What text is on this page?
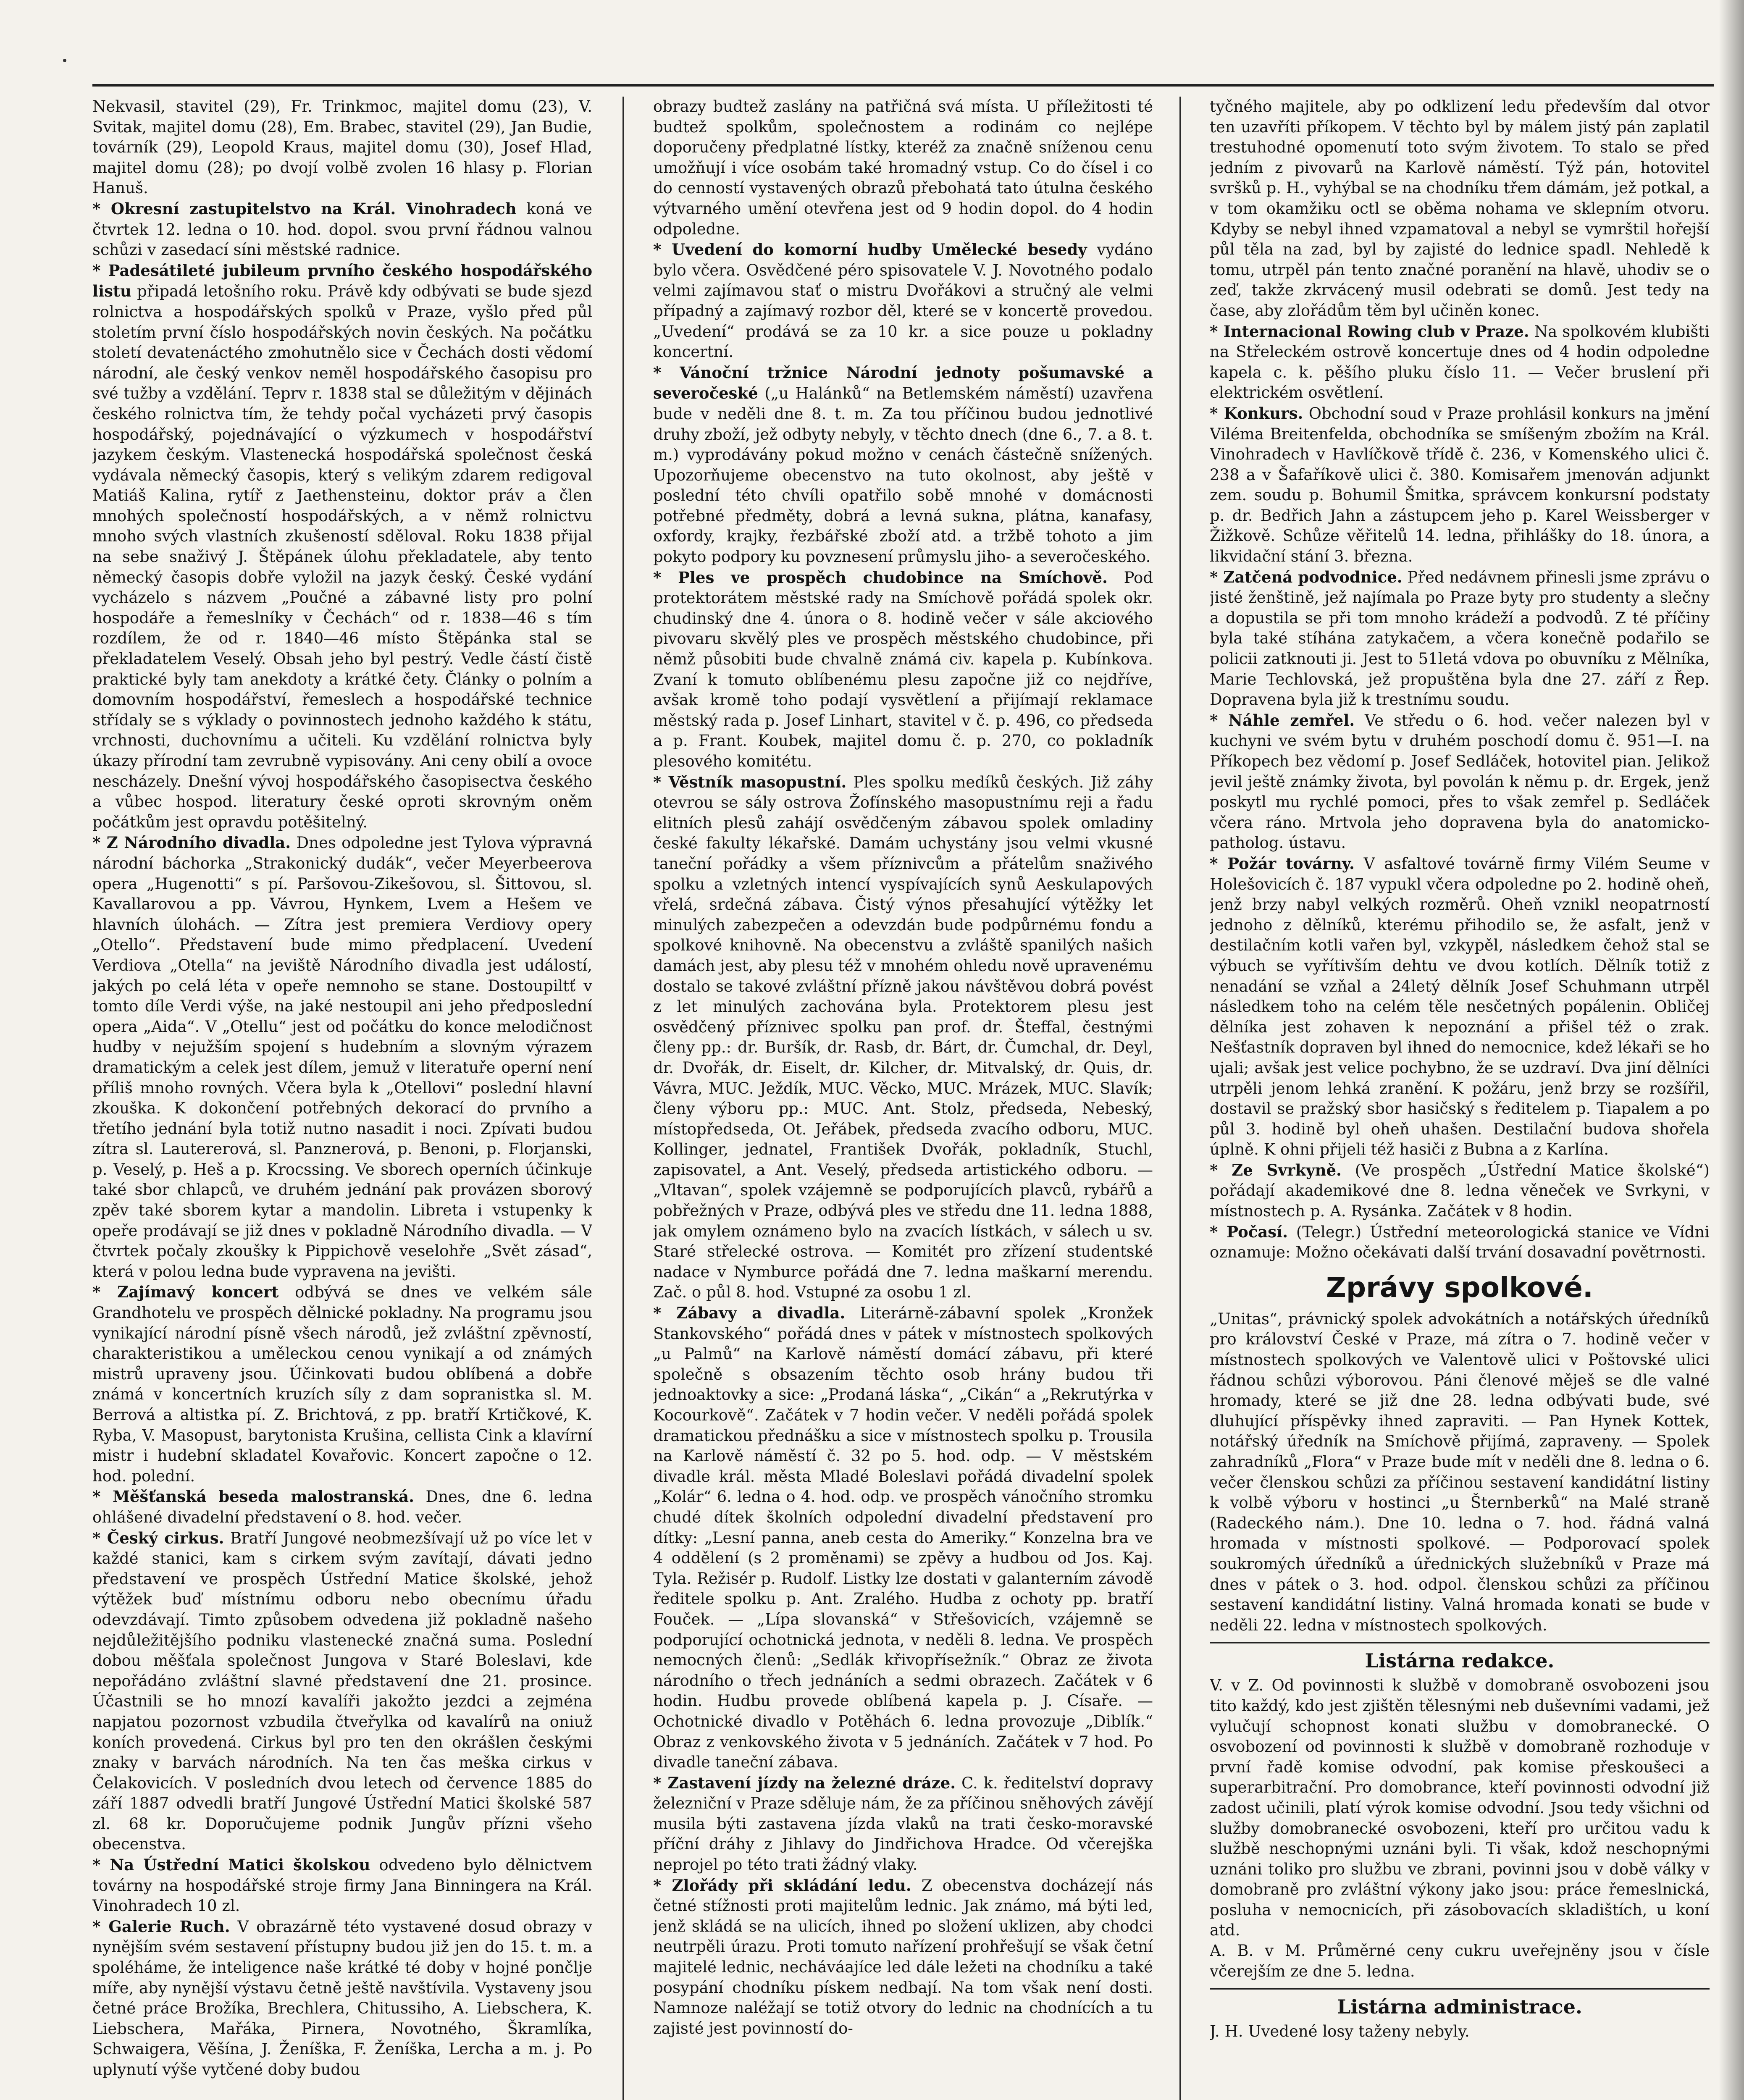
Nekvasil, stavitel (29), Fr. Trinkmoc, majitel domu (23), V. Svitak, majitel domu (28), Em. Brabec, stavitel (29), Jan Budie, továrník (29), Leopold Kraus, majitel domu (30), Josef Hlad, majitel domu (28); po dvojí volbě zvolen 16 hlasy p. Florian Hanuš.

* Okresní zastupitelstvo na Král. Vinohradech koná ve čtvrtek 12. ledna o 10. hod. dopol. svou první řádnou valnou schůzi v zasedací síni městské radnice.

* Padesátileté jubileum prvního českého hospodářského listu připadá letošního roku. Právě kdy odbývati se bude sjezd rolnictva a hospodářských spolků v Praze, vyšlo před půl stoletím první číslo hospodářských novin českých. Na počátku století devatenáctého zmohutnělo sice v Čechách dosti vědomí národní, ale český venkov neměl hospodářského časopisu pro své tužby a vzdělání. Teprv r. 1838 stal se důležitým v dějinách českého rolnictva tím, že tehdy počal vycházeti prvý časopis hospodářský, pojednávající o výzkumech v hospodářství jazykem českým. Vlastenecká hospodářská společnost česká vydávala německý časopis, který s velikým zdarem redigoval Matiáš Kalina, rytíř z Jaethensteinu, doktor práv a člen mnohých společností hospodářských, a v němž rolnictvu mnoho svých vlastních zkušeností sděloval. Roku 1838 přijal na sebe snaživý J. Štěpánek úlohu překladatele, aby tento německý časopis dobře vyložil na jazyk český. České vydání vycházelo s názvem „Poučné a zábavné listy pro polní hospodáře a řemeslníky v Čechách“ od r. 1838—46 s tím rozdílem, že od r. 1840—46 místo Štěpánka stal se překladatelem Veselý. Obsah jeho byl pestrý. Vedle částí čistě praktické byly tam anekdoty a krátké čety. Články o polním a domovním hospodářství, řemeslech a hospodářské technice střídaly se s výklady o povinnostech jednoho každého k státu, vrchnosti, duchovnímu a učiteli. Ku vzdělání rolnictva byly úkazy přírodní tam zevrubně vypisovány. Ani ceny obilí a ovoce nescházely. Dnešní vývoj hospodářského časopisectva českého a vůbec hospod. literatury české oproti skrovným oněm počátkům jest opravdu potěšitelný.

* Z Národního divadla. Dnes odpoledne jest Tylova výpravná národní báchorka „Strakonický dudák“, večer Meyerbeerova opera „Hugenotti“ s pí. Paršovou-Zikešovou, sl. Šittovou, sl. Kavallarovou a pp. Vávrou, Hynkem, Lvem a Hešem ve hlavních úlohách. — Zítra jest premiera Verdiovy opery „Otello“. Představení bude mimo předplacení. Uvedení Verdiova „Otella“ na jeviště Národního divadla jest událostí, jakých po celá léta v opeře nemnoho se stane. Dostoupiltť v tomto díle Verdi výše, na jaké nestoupil ani jeho předposlední opera „Aida“. V „Otellu“ jest od počátku do konce melodičnost hudby v nejužším spojení s hudebním a slovným výrazem dramatickým a celek jest dílem, jemuž v literatuře operní není příliš mnoho rovných. Včera byla k „Otellovi“ poslední hlavní zkouška. K dokončení potřebných dekorací do prvního a třetího jednání byla totiž nutno nasadit i noci. Zpívati budou zítra sl. Lautererová, sl. Panznerová, p. Benoni, p. Florjanski, p. Veselý, p. Heš a p. Krocssing. Ve sborech operních účinkuje také sbor chlapců, ve druhém jednání pak provázen sborový zpěv také sborem kytar a mandolin. Libreta i vstupenky k opeře prodávají se již dnes v pokladně Národního divadla. — V čtvrtek počaly zkoušky k Pippichově veselohře „Svět zásad“, která v polou ledna bude vypravena na jevišti.

* Zajímavý koncert odbývá se dnes ve velkém sále Grandhotelu ve prospěch dělnické pokladny. Na programu jsou vynikající národní písně všech národů, jež zvláštní zpěvností, charakteristikou a uměleckou cenou vynikají a od známých mistrů upraveny jsou. Účinkovati budou oblíbená a dobře známá v koncertních kruzích síly z dam sopranistka sl. M. Berrová a altistka pí. Z. Brichtová, z pp. bratří Krtičkové, K. Ryba, V. Masopust, barytonista Krušina, cellista Cink a klavírní mistr i hudební skladatel Kovařovic. Koncert započne o 12. hod. polední.

* Měšťanská beseda malostranská. Dnes, dne 6. ledna ohlášené divadelní představení o 8. hod. večer.

* Český cirkus. Bratří Jungové neobmezšívají už po více let v každé stanici, kam s cirkem svým zavítají, dávati jedno představení ve prospěch Ústřední Matice školské, jehož výtěžek buď místnímu odboru nebo obecnímu úřadu odevzdávají. Timto způsobem odvedena již pokladně našeho nejdůležitějšího podniku vlastenecké značná suma. Poslední dobou měšťala společnost Jungova v Staré Boleslavi, kde nepořádáno zvláštní slavné představení dne 21. prosince. Účastnili se ho mnozí kavalíři jakožto jezdci a zejména napjatou pozornost vzbudila čtveřylka od kavalírů na oniuž koních provedená. Cirkus byl pro ten den okrášlen českými znaky v barvách národních. Na ten čas meška cirkus v Čelakovicích. V posledních dvou letech od července 1885 do září 1887 odvedli bratří Jungové Ústřední Matici školské 587 zl. 68 kr. Doporučujeme podnik Jungův přízni všeho obecenstva.

* Na Ústřední Matici školskou odvedeno bylo dělnictvem továrny na hospodářské stroje firmy Jana Binningera na Král. Vinohradech 10 zl.

* Galerie Ruch. V obrazárně této vystavené dosud obrazy v nynějším svém sestavení přístupny budou již jen do 15. t. m. a spoléháme, že inteligence naše krátké té doby v hojné pončlje míře, aby nynější výstavu četně ještě navštívila. Vystaveny jsou četné práce Brožíka, Brechlera, Chitussiho, A. Liebschera, K. Liebschera, Mařáka, Pirnera, Novotného, Škramlíka, Schwaigera, Věšína, J. Ženíška, F. Ženíška, Lercha a m. j. Po uplynutí výše vytčené doby budou

obrazy budtež zaslány na patřičná svá místa. U příležitosti té budtež spolkům, společnostem a rodinám co nejlépe doporučeny předplatné lístky, kteréž za značně sníženou cenu umožňují i více osobám také hromadný vstup. Co do čísel i co do cenností vystavených obrazů přebohatá tato útulna českého výtvarného umění otevřena jest od 9 hodin dopol. do 4 hodin odpoledne.

* Uvedení do komorní hudby Umělecké besedy vydáno bylo včera. Osvědčené péro spisovatele V. J. Novotného podalo velmi zajímavou stať o mistru Dvořákovi a stručný ale velmi případný a zajímavý rozbor děl, které se v koncertě provedou. „Uvedení“ prodává se za 10 kr. a sice pouze u pokladny koncertní.

* Vánoční tržnice Národní jednoty pošumavské a severočeské („u Halánků“ na Betlemském náměstí) uzavřena bude v neděli dne 8. t. m. Za tou příčinou budou jednotlivé druhy zboží, jež odbyty nebyly, v těchto dnech (dne 6., 7. a 8. t. m.) vyprodávány pokud možno v cenách částečně snížených. Upozorňujeme obecenstvo na tuto okolnost, aby ještě v poslední této chvíli opatřilo sobě mnohé v domácnosti potřebné předměty, dobrá a levná sukna, plátna, kanafasy, oxfordy, krajky, řezbářské zboží atd. a tržbě tohoto a jim pokyto podpory ku povznesení průmyslu jiho- a severočeského.

* Ples ve prospěch chudobince na Smíchově. Pod protektorátem městské rady na Smíchově pořádá spolek okr. chudinský dne 4. února o 8. hodině večer v sále akciového pivovaru skvělý ples ve prospěch městského chudobince, při němž působiti bude chvalně známá civ. kapela p. Kubínkova. Zvaní k tomuto oblíbenému plesu započne již co nejdříve, avšak kromě toho podají vysvětlení a přijímají reklamace městský rada p. Josef Linhart, stavitel v č. p. 496, co předseda a p. Frant. Koubek, majitel domu č. p. 270, co pokladník plesového komitétu.

* Věstník masopustní. Ples spolku medíků českých. Již záhy otevrou se sály ostrova Žofínského masopustnímu reji a řadu elitních plesů zahájí osvědčeným zábavou spolek omladiny české fakulty lékařské. Damám uchystány jsou velmi vkusné taneční pořádky a všem příznivcům a přátelům snaživého spolku a vzletných intencí vyspívajících synů Aeskulapových vřelá, srdečná zábava. Čistý výnos přesahující výtěžky let minulých zabezpečen a odevzdán bude podpůrnému fondu a spolkové knihovně. Na obecenstvu a zvláště spanilých našich damách jest, aby plesu též v mnohém ohledu nově upravenému dostalo se takové zvláštní přízně jakou návštěvou dobrá povést z let minulých zachována byla. Protektorem plesu jest osvědčený příznivec spolku pan prof. dr. Šteffal, čestnými členy pp.: dr. Buršík, dr. Rasb, dr. Bárt, dr. Čumchal, dr. Deyl, dr. Dvořák, dr. Eiselt, dr. Kilcher, dr. Mitvalský, dr. Quis, dr. Vávra, MUC. Ježdík, MUC. Věcko, MUC. Mrázek, MUC. Slavík; členy výboru pp.: MUC. Ant. Stolz, předseda, Nebeský, místopředseda, Ot. Jeřábek, předseda zvacího odboru, MUC. Kollinger, jednatel, František Dvořák, pokladník, Stuchl, zapisovatel, a Ant. Veselý, předseda artistického odboru. — „Vltavan“, spolek vzájemně se podporujících plavců, rybářů a pobřežných v Praze, odbývá ples ve středu dne 11. ledna 1888, jak omylem oznámeno bylo na zvacích lístkách, v sálech u sv. Staré střelecké ostrova. — Komitét pro zřízení studentské nadace v Nymburce pořádá dne 7. ledna maškarní merendu. Zač. o půl 8. hod. Vstupné za osobu 1 zl.

* Zábavy a divadla. Literárně-zábavní spolek „Kronžek Stankovského“ pořádá dnes v pátek v místnostech spolkových „u Palmů“ na Karlově náměstí domácí zábavu, při které společně s obsazením těchto osob hrány budou tři jednoaktovky a sice: „Prodaná láska“, „Cikán“ a „Rekrutýrka v Kocourkově“. Začátek v 7 hodin večer. V neděli pořádá spolek dramatickou přednášku a sice v místnostech spolku p. Trousila na Karlově náměstí č. 32 po 5. hod. odp. — V městském divadle král. města Mladé Boleslavi pořádá divadelní spolek „Kolár“ 6. ledna o 4. hod. odp. ve prospěch vánočního stromku chudé dítek školních odpolední divadelní představení pro dítky: „Lesní panna, aneb cesta do Ameriky.“ Konzelna bra ve 4 oddělení (s 2 proměnami) se zpěvy a hudbou od Jos. Kaj. Tyla. Režisér p. Rudolf. Listky lze dostati v galanterním závodě ředitele spolku p. Ant. Zralého. Hudba z ochoty pp. bratří Fouček. — „Lípa slovanská“ v Střešovicích, vzájemně se podporující ochotnická jednota, v neděli 8. ledna. Ve prospěch nemocných členů: „Sedlák křivopřísežník.“ Obraz ze života národního o třech jednáních a sedmi obrazech. Začátek v 6 hodin. Hudbu provede oblíbená kapela p. J. Císaře. — Ochotnické divadlo v Potěhách 6. ledna provozuje „Diblík.“ Obraz z venkovského života v 5 jednáních. Začátek v 7 hod. Po divadle taneční zábava.

* Zastavení jízdy na železné dráze. C. k. ředitelství dopravy železniční v Praze sděluje nám, že za příčinou sněhových závějí musila býti zastavena jízda vlaků na trati česko-moravské příční dráhy z Jihlavy do Jindřichova Hradce. Od včerejška neprojel po této trati žádný vlaky.

* Zlořády při skládání ledu. Z obecenstva docházejí nás četné stížnosti proti majitelům lednic. Jak známo, má býti led, jenž skládá se na ulicích, ihned po složení uklizen, aby chodci neutrpěli úrazu. Proti tomuto nařízení prohřešují se však četní majitelé lednic, necháváajíce led dále ležeti na chodníku a také posypání chodníku pískem nedbají. Na tom však není dosti. Namnoze naléžají se totiž otvory do lednic na chodnících a tu zajisté jest povinností do-

tyčného majitele, aby po odklizení ledu především dal otvor ten uzavříti příkopem. V těchto byl by málem jistý pán zaplatil trestuhodné opomenutí toto svým životem. To stalo se před jedním z pivovarů na Karlově náměstí. Týž pán, hotovitel svršků p. H., vyhýbal se na chodníku třem dámám, jež potkal, a v tom okamžiku octl se oběma nohama ve sklepním otvoru. Kdyby se nebyl ihned vzpamatoval a nebyl se vymrštil hořejší půl těla na zad, byl by zajisté do lednice spadl. Nehledě k tomu, utrpěl pán tento značné poranění na hlavě, uhodiv se o zeď, takže zkrvácený musil odebrati se domů. Jest tedy na čase, aby zlořádům těm byl učiněn konec.

* Internacional Rowing club v Praze. Na spolkovém klubišti na Střeleckém ostrově koncertuje dnes od 4 hodin odpoledne kapela c. k. pěšího pluku číslo 11. — Večer bruslení při elektrickém osvětlení.

* Konkurs. Obchodní soud v Praze prohlásil konkurs na jmění Viléma Breitenfelda, obchodníka se smíšeným zbožím na Král. Vinohradech v Havlíčkově třídě č. 236, v Komenského ulici č. 238 a v Šafaříkově ulici č. 380. Komisařem jmenován adjunkt zem. soudu p. Bohumil Šmitka, správcem konkursní podstaty p. dr. Bedřich Jahn a zástupcem jeho p. Karel Weissberger v Žižkově. Schůze věřitelů 14. ledna, přihlášky do 18. února, a likvidační stání 3. března.

* Zatčená podvodnice. Před nedávnem přinesli jsme zprávu o jisté ženštině, jež najímala po Praze byty pro studenty a slečny a dopustila se při tom mnoho krádeží a podvodů. Z té příčiny byla také stíhána zatykačem, a včera konečně podařilo se policii zatknouti ji. Jest to 51letá vdova po obuvníku z Mělníka, Marie Techlovská, jež propuštěna byla dne 27. září z Řep. Dopravena byla již k trestnímu soudu.

* Náhle zemřel. Ve středu o 6. hod. večer nalezen byl v kuchyni ve svém bytu v druhém poschodí domu č. 951—I. na Příkopech bez vědomí p. Josef Sedláček, hotovitel pian. Jelikož jevil ještě známky života, byl povolán k němu p. dr. Ergek, jenž poskytl mu rychlé pomoci, přes to však zemřel p. Sedláček včera ráno. Mrtvola jeho dopravena byla do anatomicko-patholog. ústavu.

* Požár továrny. V asfaltové továrně firmy Vilém Seume v Holešovicích č. 187 vypukl včera odpoledne po 2. hodině oheň, jenž brzy nabyl velkých rozměrů. Oheň vznikl neopatrností jednoho z dělníků, kterému přihodilo se, že asfalt, jenž v destilačním kotli vařen byl, vzkypěl, následkem čehož stal se výbuch se vyřítivším dehtu ve dvou kotlích. Dělník totiž z nenadání se vzňal a 24letý dělník Josef Schuhmann utrpěl následkem toho na celém těle nesčetných popálenin. Obličej dělníka jest zohaven k nepoznání a přišel též o zrak. Nešťastník dopraven byl ihned do nemocnice, kdež lékaři se ho ujali; avšak jest velice pochybno, že se uzdraví. Dva jiní dělníci utrpěli jenom lehká zranění. K požáru, jenž brzy se rozšířil, dostavil se pražský sbor hasičský s ředitelem p. Tiapalem a po půl 3. hodině byl oheň uhašen. Destilační budova shořela úplně. K ohni přijeli též hasiči z Bubna a z Karlína.

* Ze Svrkyně. (Ve prospěch „Ústřední Matice školské“) pořádají akademikové dne 8. ledna věneček ve Svrkyni, v místnostech p. A. Rysánka. Začátek v 8 hodin.

* Počasí. (Telegr.) Ústřední meteorologická stanice ve Vídni oznamuje: Možno očekávati další trvání dosavadní povětrnosti.

Zprávy spolkové.

„Unitas“, právnický spolek advokátních a notářských úředníků pro království České v Praze, má zítra o 7. hodině večer v místnostech spolkových ve Valentově ulici v Poštovské ulici řádnou schůzi výborovou. Páni členové měješ se dle valné hromady, které se již dne 28. ledna odbývati bude, své dluhující příspěvky ihned zapraviti. — Pan Hynek Kottek, notářský úředník na Smíchově přijímá, zapraveny. — Spolek zahradníků „Flora“ v Praze bude mít v neděli dne 8. ledna o 6. večer členskou schůzi za příčinou sestavení kandidátní listiny k volbě výboru v hostinci „u Šternberků“ na Malé straně (Radeckého nám.). Dne 10. ledna o 7. hod. řádná valná hromada v místnosti spolkové. — Podporovací spolek soukromých úředníků a úřednických služebníků v Praze má dnes v pátek o 3. hod. odpol. členskou schůzi za příčinou sestavení kandidátní listiny. Valná hromada konati se bude v neděli 22. ledna v místnostech spolkových.

Listárna redakce.

V. v Z. Od povinnosti k službě v domobraně osvobozeni jsou tito každý, kdo jest zjištěn tělesnými neb duševními vadami, jež vylučují schopnost konati službu v domobranecké. O osvobození od povinnosti k službě v domobraně rozhoduje v první řadě komise odvodní, pak komise přeskoušeci a superarbitrační. Pro domobrance, kteří povinnosti odvodní již zadost učinili, platí výrok komise odvodní. Jsou tedy všichni od služby domobranecké osvobozeni, kteří pro určitou vadu k službě neschopnými uznáni byli. Ti však, kdož neschopnými uznáni toliko pro službu ve zbrani, povinni jsou v době války v domobraně pro zvláštní výkony jako jsou: práce řemeslnická, posluha v nemocnicích, při zásobovacích skladištích, u koní atd.

A. B. v M. Průměrné ceny cukru uveřejněny jsou v čísle včerejším ze dne 5. ledna.

Listárna administrace.

J. H. Uvedené losy taženy nebyly.
